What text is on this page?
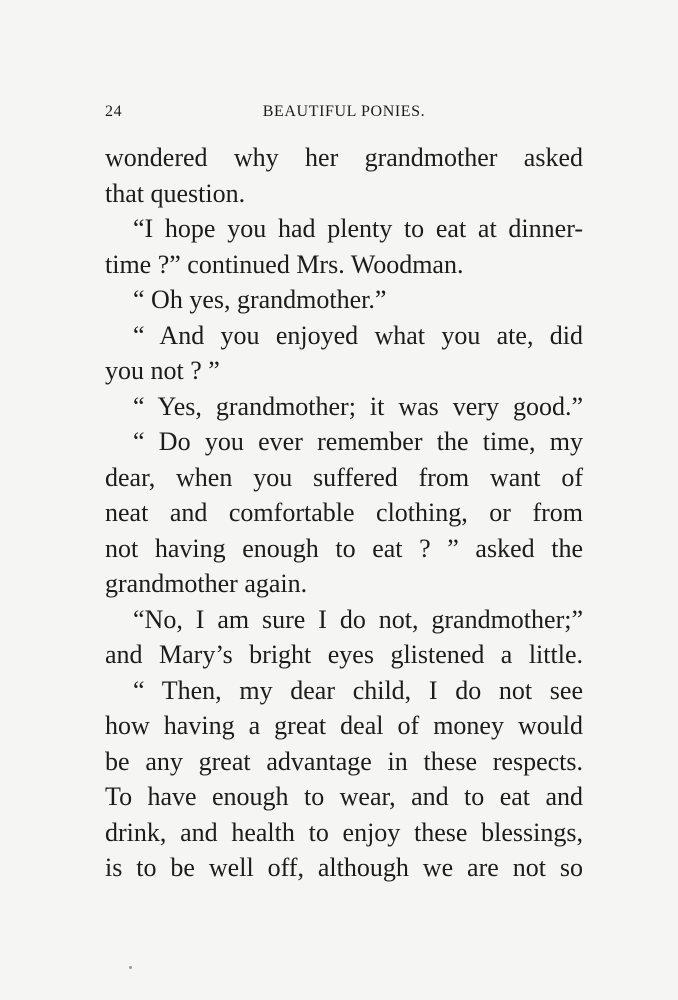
24	BEAUTIFUL PONIES.
wondered why her grandmother asked
that question.
“I hope you had plenty to eat at dinner-
time ?” continued Mrs. Woodman.
“ Oh yes, grandmother.”
“ And you enjoyed what you ate, did
you not ? ”
“ Yes, grandmother; it was very good.”
“ Do you ever remember the time, my
dear, when you suffered from want of
neat and comfortable clothing, or from
not having enough to eat ? ” asked the
grandmother again.
“No, I am sure I do not, grandmother;”
and Mary’s bright eyes glistened a little.
“ Then, my dear child, I do not see
how having a great deal of money would
be any great advantage in these respects.
To have enough to wear, and to eat and
drink, and health to enjoy these blessings,
is to be well off, although we are not so
